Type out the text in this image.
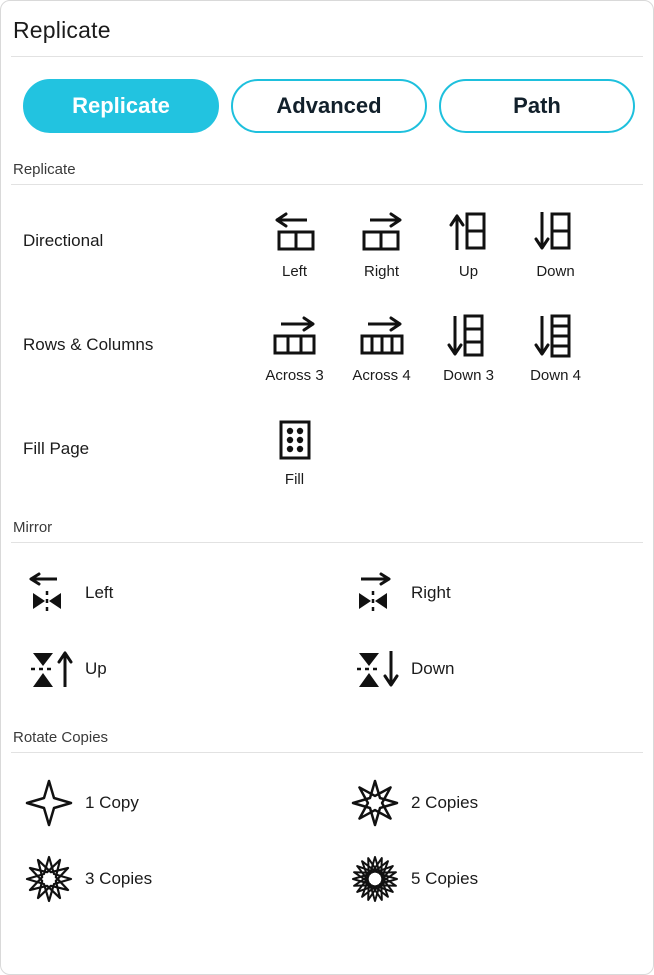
Replicate
Replicate	Advanced	Path
Replicate
Directional
Left	Right	Up	Down
Rows & Columns
Across 3 Across 4 Down 3 Down 4
Fill Page
Fill
Mirror
Left	Right
Up	Down
Rotate Copies
1 Copy	2 Copies
3 Copies	5 Copies
